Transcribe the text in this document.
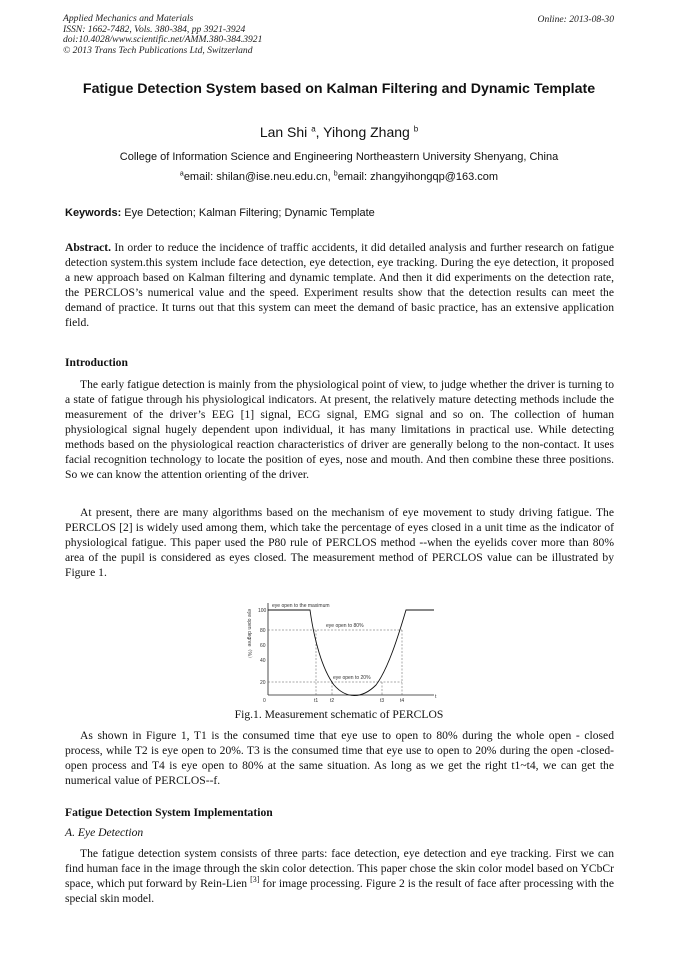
Applied Mechanics and Materials
ISSN: 1662-7482, Vols. 380-384, pp 3921-3924
doi:10.4028/www.scientific.net/AMM.380-384.3921
© 2013 Trans Tech Publications Ltd, Switzerland
Online: 2013-08-30
Fatigue Detection System based on Kalman Filtering and Dynamic Template
Lan Shi $^a$, Yihong Zhang $^b$
College of Information Science and Engineering Northeastern University Shenyang, China
$^a$email: shilan@ise.neu.edu.cn, $^b$email: zhangyihongqp@163.com
Keywords: Eye Detection; Kalman Filtering; Dynamic Template

Abstract. In order to reduce the incidence of traffic accidents, it did detailed analysis and further research on fatigue detection system.this system include face detection, eye detection, eye tracking. During the eye detection, it proposed a new approach based on Kalman filtering and dynamic template. And then it did experiments on the detection rate, the PERCLOS’s numerical value and the speed. Experiment results show that the detection results can meet the demand of practice. It turns out that this system can meet the demand of basic practice, has an extensive application field.

Introduction

The early fatigue detection is mainly from the physiological point of view, to judge whether the driver is turning to a state of fatigue through his physiological indicators. At present, the relatively mature detecting methods include the measurement of the driver’s EEG [1] signal, ECG signal, EMG signal and so on. The collection of human physiological signal hugely dependent upon individual, it has many limitations in practical use. While detecting methods based on the physiological reaction characteristics of driver are generally belong to the non-contact. It uses facial recognition technology to locate the position of eyes, nose and mouth. And then combine these three positions. So we can know the attention orienting of the driver.

At present, there are many algorithms based on the mechanism of eye movement to study driving fatigue. The PERCLOS [2] is widely used among them, which take the percentage of eyes closed in a unit time as the indicator of physiological fatigue. This paper used the P80 rule of PERCLOS method --when the eyelids cover more than 80% area of the pupil is considered as eyes closed. The measurement method of PERCLOS value can be illustrated by Figure 1.

100
80
60
40
20
0	t1 t2	t3	t4
t
eye open degree（%）
eye open to the maximum
eye open to 80%
eye open to 20%
Fig.1. Measurement schematic of PERCLOS

As shown in Figure 1, T1 is the consumed time that eye use to open to 80% during the whole open - closed process, while T2 is eye open to 20%. T3 is the consumed time that eye use to open to 20% during the open -closed-open process and T4 is eye open to 80% at the same situation. As long as we get the right t1~t4, we can get the numerical value of PERCLOS--f.

Fatigue Detection System Implementation
A. Eye Detection

The fatigue detection system consists of three parts: face detection, eye detection and eye tracking. First we can find human face in the image through the skin color detection. This paper chose the skin color model based on YCbCr space, which put forward by Rein-Lien [3] for image processing. Figure 2 is the result of face after processing with the special skin model.
